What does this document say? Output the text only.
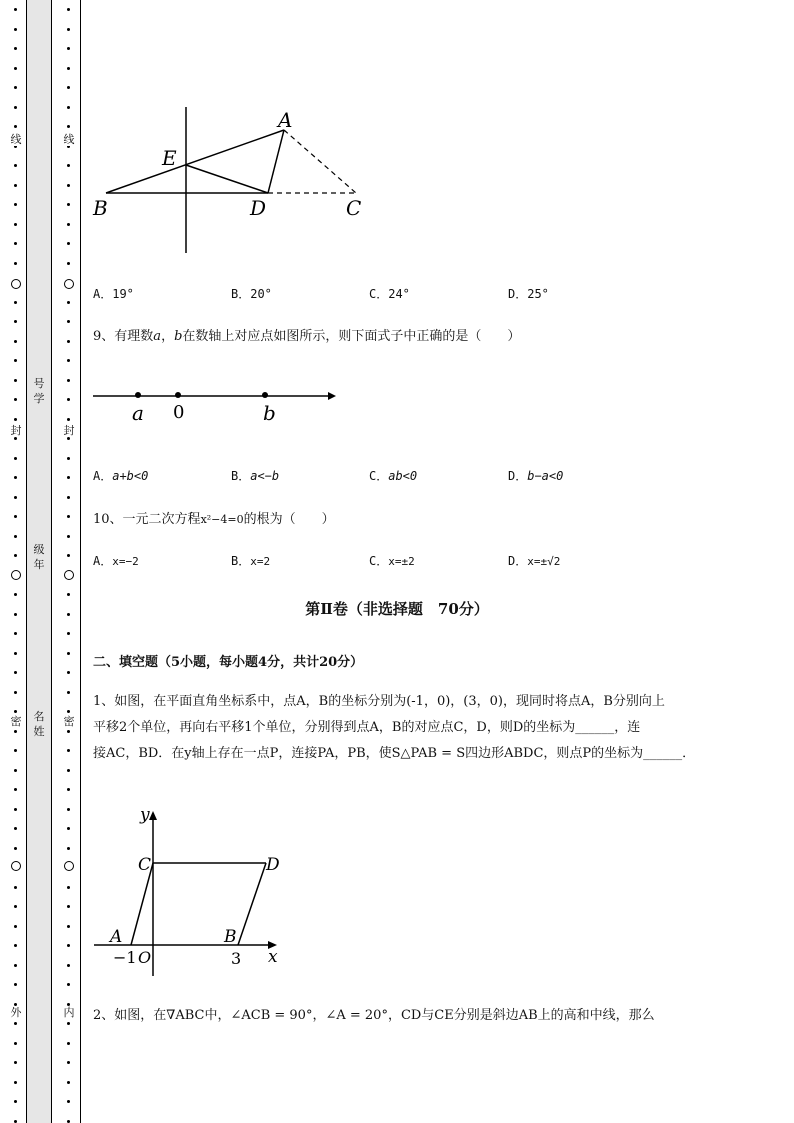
线
封
密
外
线
封
密
内
号
学
级
年
名
姓
A
E
B	D	C
A．19°	B．20°	C．24°	D．25°
9、有理数a，b在数轴上对应点如图所示，则下面式子中正确的是（　　）
a 0	b
A．a+b<0	B．a<−b	C．ab<0	D．b−a<0
10、一元二次方程x²−4=0的根为（　　）
A．x=−2	B．x=2	C．x=±2	D．x=±√2
第Ⅱ卷（非选择题　70分）
二、填空题（5小题，每小题4分，共计20分）
1、如图，在平面直角坐标系中，点A，B的坐标分别为(-1，0)，(3，0)，现同时将点A，B分别向上
平移2个单位，再向右平移1个单位，分别得到点A，B的对应点C，D，则D的坐标为______，连
接AC，BD．在y轴上存在一点P，连接PA，PB，使S△PAB = S四边形ABDC，则点P的坐标为______．
y
x
C	D
A	B
−1 O	3
2、如图，在∇ABC中，∠ACB = 90°，∠A = 20°，CD与CE分别是斜边AB上的高和中线，那么
